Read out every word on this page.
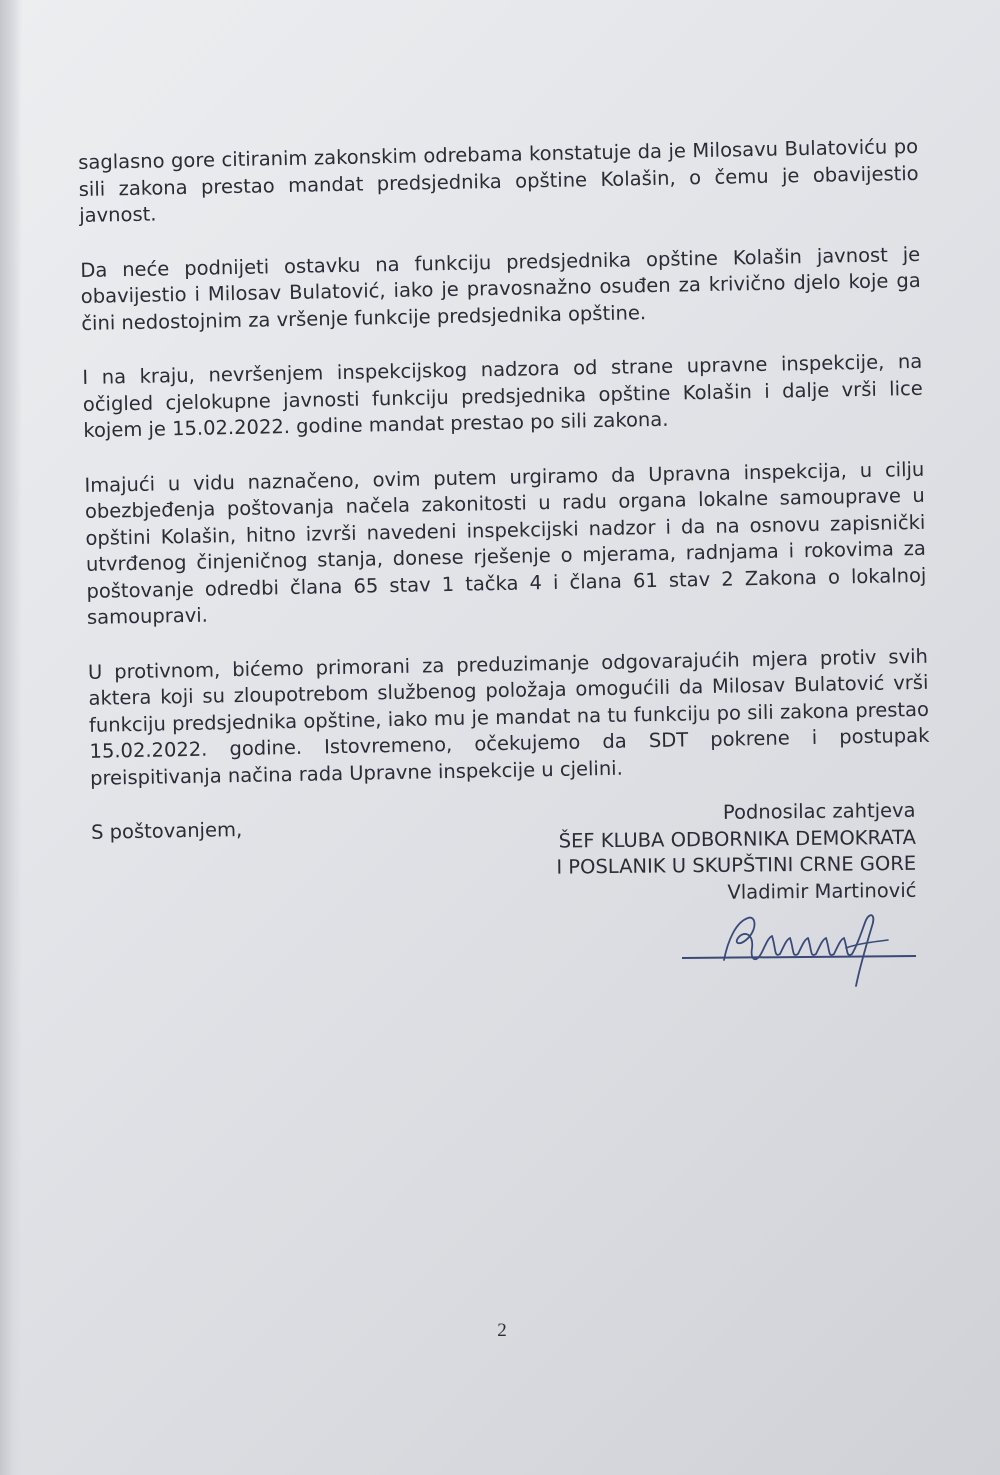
saglasno gore citiranim zakonskim odrebama konstatuje da je Milosavu Bulatoviću po sili zakona prestao mandat predsjednika opštine Kolašin, o čemu je obavijestio javnost.

Da neće podnijeti ostavku na funkciju predsjednika opštine Kolašin javnost je obavijestio i Milosav Bulatović, iako je pravosnažno osuđen za krivično djelo koje ga čini nedostojnim za vršenje funkcije predsjednika opštine.

I na kraju, nevršenjem inspekcijskog nadzora od strane upravne inspekcije, na očigled cjelokupne javnosti funkciju predsjednika opštine Kolašin i dalje vrši lice kojem je 15.02.2022. godine mandat prestao po sili zakona.

Imajući u vidu naznačeno, ovim putem urgiramo da Upravna inspekcija, u cilju obezbjeđenja poštovanja načela zakonitosti u radu organa lokalne samouprave u opštini Kolašin, hitno izvrši navedeni inspekcijski nadzor i da na osnovu zapisnički utvrđenog činjeničnog stanja, donese rješenje o mjerama, radnjama i rokovima za poštovanje odredbi člana 65 stav 1 tačka 4 i člana 61 stav 2 Zakona o lokalnoj samoupravi.

U protivnom, bićemo primorani za preduzimanje odgovarajućih mjera protiv svih aktera koji su zloupotrebom službenog položaja omogućili da Milosav Bulatović vrši funkciju predsjednika opštine, iako mu je mandat na tu funkciju po sili zakona prestao 15.02.2022. godine. Istovremeno, očekujemo da SDT pokrene i postupak preispitivanja načina rada Upravne inspekcije u cjelini.

S poštovanjem,

Podnosilac zahtjeva
ŠEF KLUBA ODBORNIKA DEMOKRATA
I POSLANIK U SKUPŠTINI CRNE GORE
Vladimir Martinović
2
